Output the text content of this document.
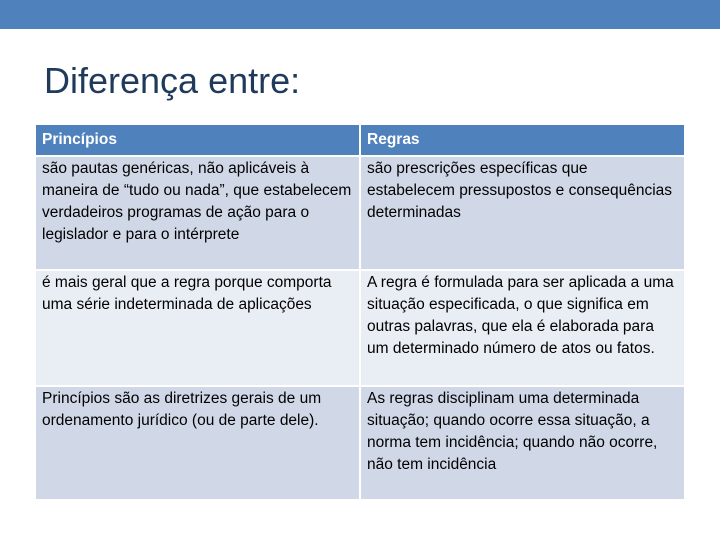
Diferença entre:
Princípios	Regras
são pautas genéricas, não aplicáveis à maneira de “tudo ou nada”, que estabelecem verdadeiros programas de ação para o legislador e para o intérprete	são prescrições específicas que estabelecem pressupostos e consequências determinadas
é mais geral que a regra porque comporta uma série indeterminada de aplicações	A regra é formulada para ser aplicada a uma situação especificada, o que significa em outras palavras, que ela é elaborada para um determinado número de atos ou fatos.
Princípios são as diretrizes gerais de um ordenamento jurídico (ou de parte dele).	As regras disciplinam uma determinada situação; quando ocorre essa situação, a norma tem incidência; quando não ocorre, não tem incidência
